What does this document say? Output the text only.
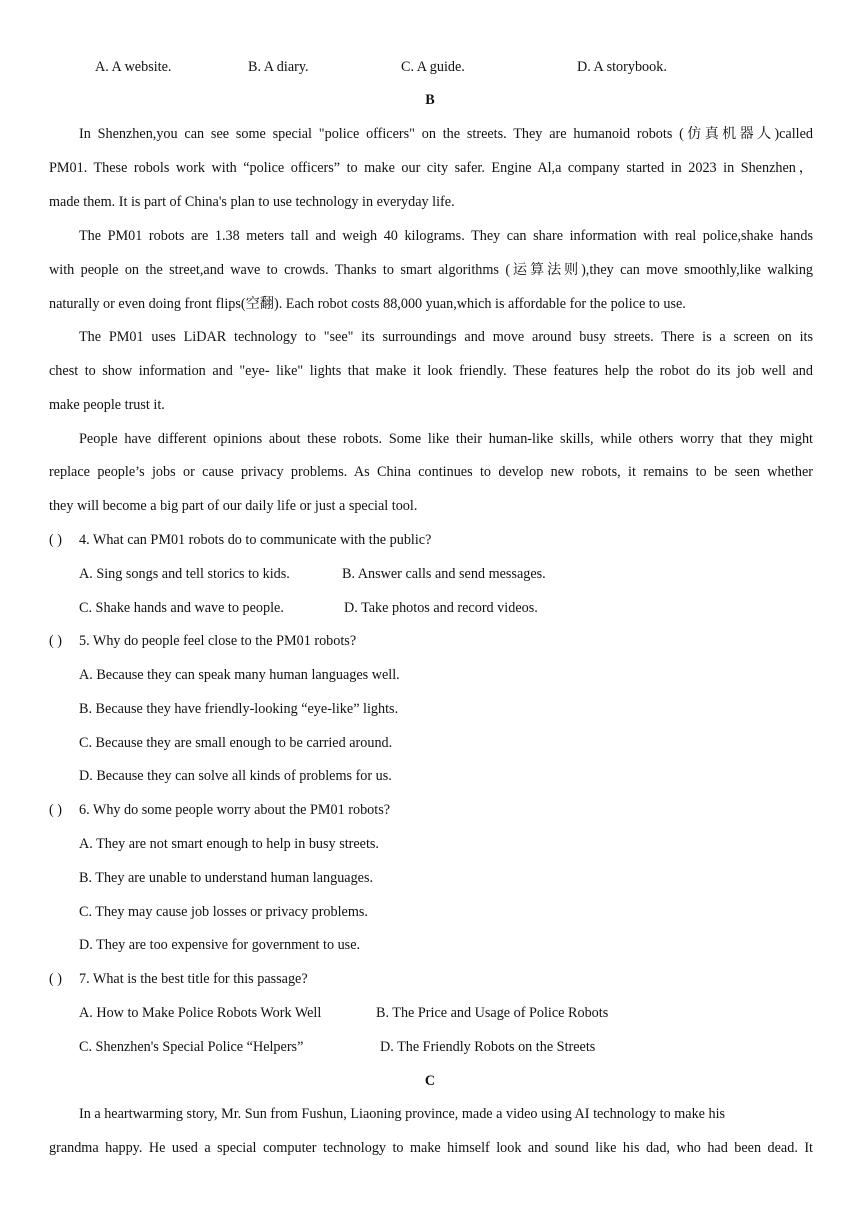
A. A website.	B. A diary.	C. A guide.	D. A storybook.
B
In Shenzhen,you can see some special "police officers" on the streets. They are humanoid robots (仿真机器人)called
PM01. These robols work with “police officers” to make our city safer. Engine Al,a company started in 2023 in Shenzhen，
made them. It is part of China's plan to use technology in everyday life.
The PM01 robots are 1.38 meters tall and weigh 40 kilograms. They can share information with real police,shake hands
with people on the street,and wave to crowds. Thanks to smart algorithms (运算法则),they can move smoothly,like walking
naturally or even doing front flips(空翻). Each robot costs 88,000 yuan,which is affordable for the police to use.
The PM01 uses LiDAR technology to "see" its surroundings and move around busy streets. There is a screen on its
chest to show information and "eye- like" lights that make it look friendly. These features help the robot do its job well and
make people trust it.
People have different opinions about these robots. Some like their human-like skills, while others worry that they might
replace people’s jobs or cause privacy problems. As China continues to develop new robots, it remains to be seen whether
they will become a big part of our daily life or just a special tool.
( ) 4. What can PM01 robots do to communicate with the public?
A. Sing songs and tell storics to kids.	B. Answer calls and send messages.
C. Shake hands and wave to people.	D. Take photos and record videos.
( ) 5. Why do people feel close to the PM01 robots?
A. Because they can speak many human languages well.
B. Because they have friendly-looking “eye-like” lights.
C. Because they are small enough to be carried around.
D. Because they can solve all kinds of problems for us.
( ) 6. Why do some people worry about the PM01 robots?
A. They are not smart enough to help in busy streets.
B. They are unable to understand human languages.
C. They may cause job losses or privacy problems.
D. They are too expensive for government to use.
( ) 7. What is the best title for this passage?
A. How to Make Police Robots Work Well	B. The Price and Usage of Police Robots
C. Shenzhen's Special Police “Helpers”	D. The Friendly Robots on the Streets
C
In a heartwarming story, Mr. Sun from Fushun, Liaoning province, made a video using AI technology to make his
grandma happy. He used a special computer technology to make himself look and sound like his dad, who had been dead. It
